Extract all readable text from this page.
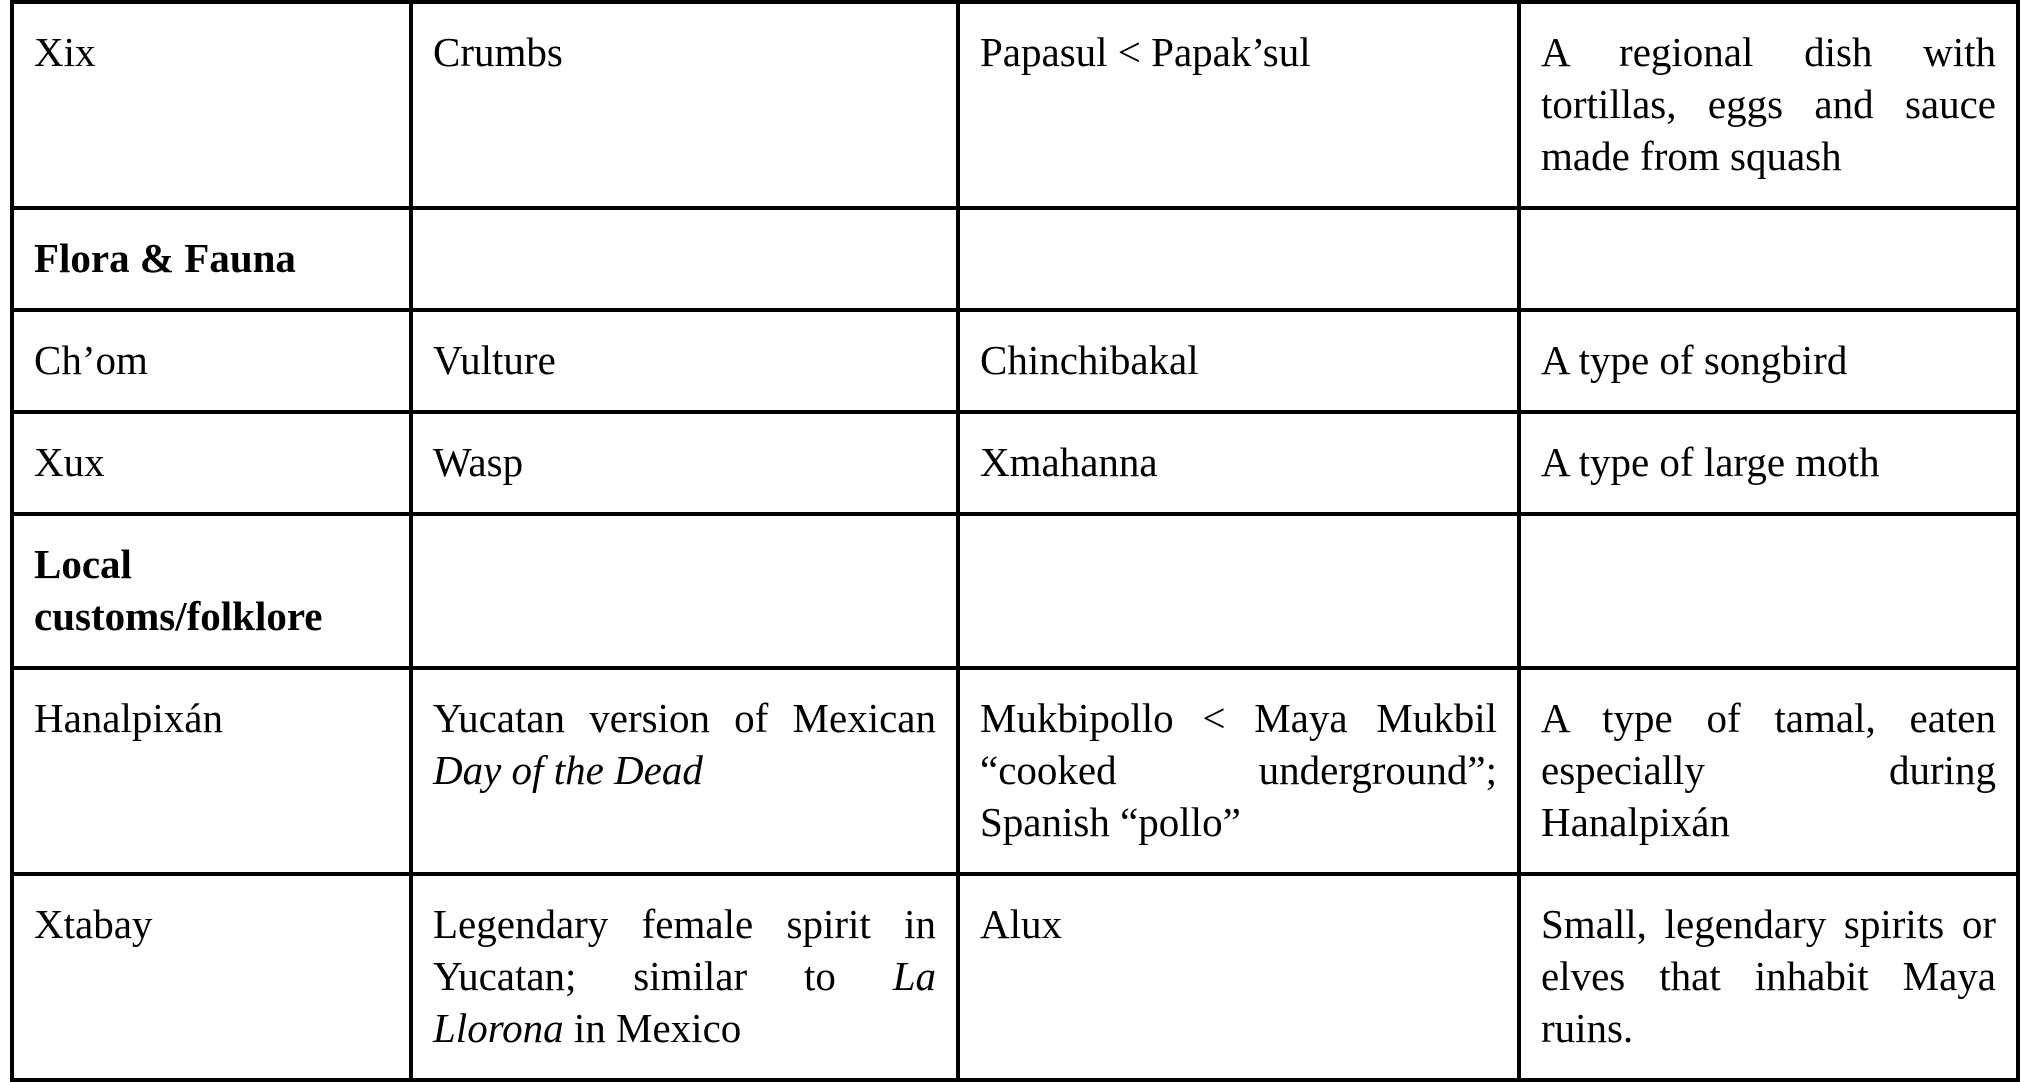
Xix	Crumbs	Papasul < Papak’sul	A regional dish with tortillas, eggs and sauce made from squash
Flora & Fauna			
Ch’om	Vulture	Chinchibakal	A type of songbird
Xux	Wasp	Xmahanna	A type of large moth
Local customs/folklore			
Hanalpixán	Yucatan version of Mexican Day of the Dead	Mukbipollo < Maya Mukbil “cooked underground”; Spanish “pollo”	A type of tamal, eaten especially during Hanalpixán
Xtabay	Legendary female spirit in Yucatan; similar to La Llorona in Mexico	Alux	Small, legendary spirits or elves that inhabit Maya ruins.
